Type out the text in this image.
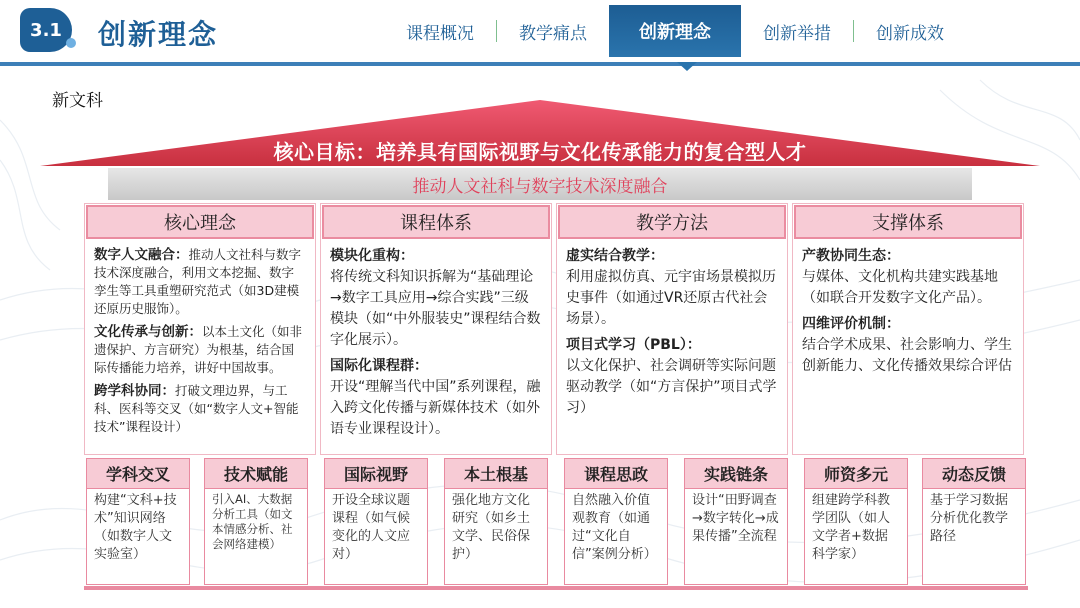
3.1	创新理念	课程概况	教学痛点	创新理念	创新举措	创新成效
新文科
核心目标：培养具有国际视野与文化传承能力的复合型人才
推动人文社科与数字技术深度融合
核心理念

数字人文融合：推动人文社科与数字技术深度融合，利用文本挖掘、数字孪生等工具重塑研究范式（如3D建模还原历史服饰）。

文化传承与创新：以本土文化（如非遗保护、方言研究）为根基，结合国际传播能力培养，讲好中国故事。

跨学科协同：打破文理边界，与工科、医科等交叉（如“数字人文+智能技术”课程设计）

课程体系

模块化重构：
将传统文科知识拆解为“基础理论→数字工具应用→综合实践”三级模块（如“中外服装史”课程结合数字化展示）。

国际化课程群：
开设“理解当代中国”系列课程，融入跨文化传播与新媒体技术（如外语专业课程设计）。

教学方法

虚实结合教学：
利用虚拟仿真、元宇宙场景模拟历史事件（如通过VR还原古代社会场景）。

项目式学习（PBL）：
以文化保护、社会调研等实际问题驱动教学（如“方言保护”项目式学习）

支撑体系

产教协同生态：
与媒体、文化机构共建实践基地（如联合开发数字文化产品）。

四维评价机制：
结合学术成果、社会影响力、学生创新能力、文化传播效果综合评估

学科交叉
构建“文科+技术”知识网络（如数字人文实验室）
技术赋能
引入AI、大数据分析工具（如文本情感分析、社会网络建模）
国际视野
开设全球议题课程（如气候变化的人文应对）
本土根基
强化地方文化研究（如乡土文学、民俗保护）
课程思政
自然融入价值观教育（如通过“文化自信”案例分析）
实践链条
设计“田野调查→数字转化→成果传播”全流程
师资多元
组建跨学科教学团队（如人文学者+数据科学家）
动态反馈
基于学习数据分析优化教学路径
